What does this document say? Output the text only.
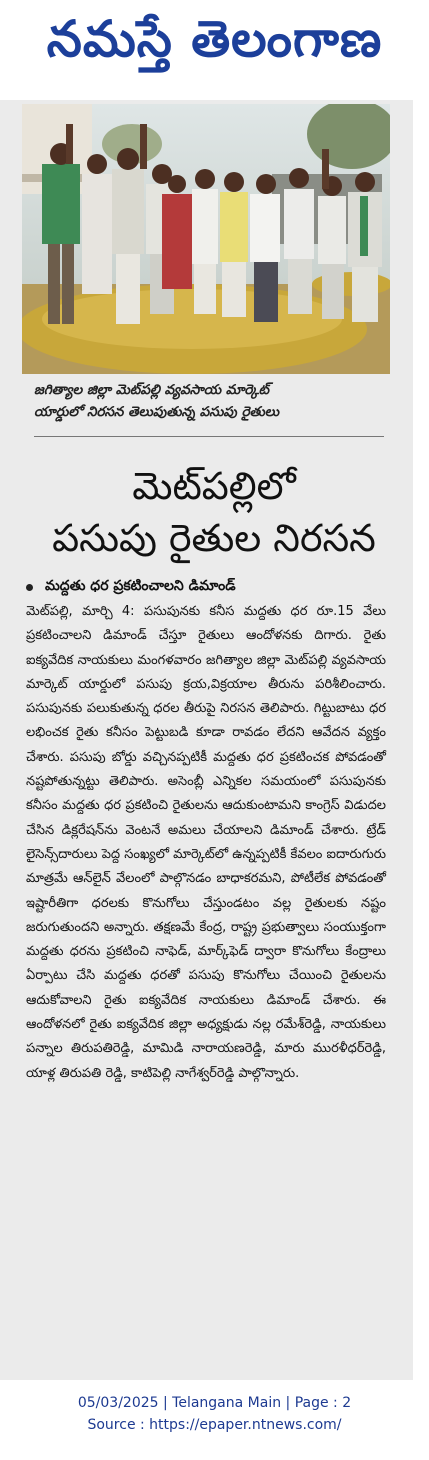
నమస్తే తెలంగాణ
జగిత్యాల జిల్లా మెట్‌పల్లి వ్యవసాయ మార్కెట్
యార్డులో నిరసన తెలుపుతున్న పసుపు రైతులు
మెట్‌పల్లిలో
పసుపు రైతుల నిరసన
మద్దతు ధర ప్రకటించాలని డిమాండ్
మెట్‌పల్లి, మార్చి 4: పసుపునకు కనీస మద్దతు ధర రూ.15 వేలు ప్రకటించాలని డిమాండ్ చేస్తూ రైతులు ఆందోళనకు దిగారు. రైతు ఐక్యవేదిక నాయకులు మంగళవారం జగిత్యాల జిల్లా మెట్‌పల్లి వ్యవసాయ మార్కెట్ యార్డులో పసుపు క్రయ,విక్రయాల తీరును పరిశీలించారు. పసుపునకు పలుకుతున్న ధరల తీరుపై నిరసన తెలిపారు. గిట్టుబాటు ధర లభించక రైతు కనీసం పెట్టుబడి కూడా రావడం లేదని ఆవేదన వ్యక్తం చేశారు. పసుపు బోర్డు వచ్చినప్పటికీ మద్దతు ధర ప్రకటించక పోవడంతో నష్టపోతున్నట్టు తెలిపారు. అసెంబ్లీ ఎన్నికల సమయంలో పసుపునకు కనీసం మద్దతు ధర ప్రకటించి రైతులను ఆదుకుంటామని కాంగ్రెస్ విడుదల చేసిన డిక్లరేషన్‌ను వెంటనే అమలు చేయాలని డిమాండ్ చేశారు. ట్రేడ్ లైసెన్స్‌దారులు పెద్ద సంఖ్యలో మార్కెట్‌లో ఉన్నప్పటికీ కేవలం ఐదారుగురు మాత్రమే ఆన్‌లైన్ వేలంలో పాల్గొనడం బాధాకరమని, పోటీలేక పోవడంతో ఇష్టారీతిగా ధరలకు కొనుగోలు చేస్తుండటం వల్ల రైతులకు నష్టం జరుగుతుందని అన్నారు. తక్షణమే కేంద్ర, రాష్ట్ర ప్రభుత్వాలు సంయుక్తంగా మద్దతు ధరను ప్రకటించి నాఫెడ్, మార్క్‌ఫెడ్ ద్వారా కొనుగోలు కేంద్రాలు ఏర్పాటు చేసి మద్దతు ధరతో పసుపు కొనుగోలు చేయించి రైతులను ఆదుకోవాలని రైతు ఐక్యవేదిక నాయకులు డిమాండ్ చేశారు. ఈ ఆందోళనలో రైతు ఐక్యవేదిక జిల్లా అధ్యక్షుడు నల్ల రమేశ్‌రెడ్డి, నాయకులు పన్నాల తిరుపతిరెడ్డి, మామిడి నారాయణరెడ్డి, మారు మురళీధర్‌రెడ్డి, యాళ్ల తిరుపతి రెడ్డి, కాటిపెల్లి నాగేశ్వర్‌రెడ్డి పాల్గొన్నారు.
05/03/2025 | Telangana Main | Page : 2
Source : https://epaper.ntnews.com/
